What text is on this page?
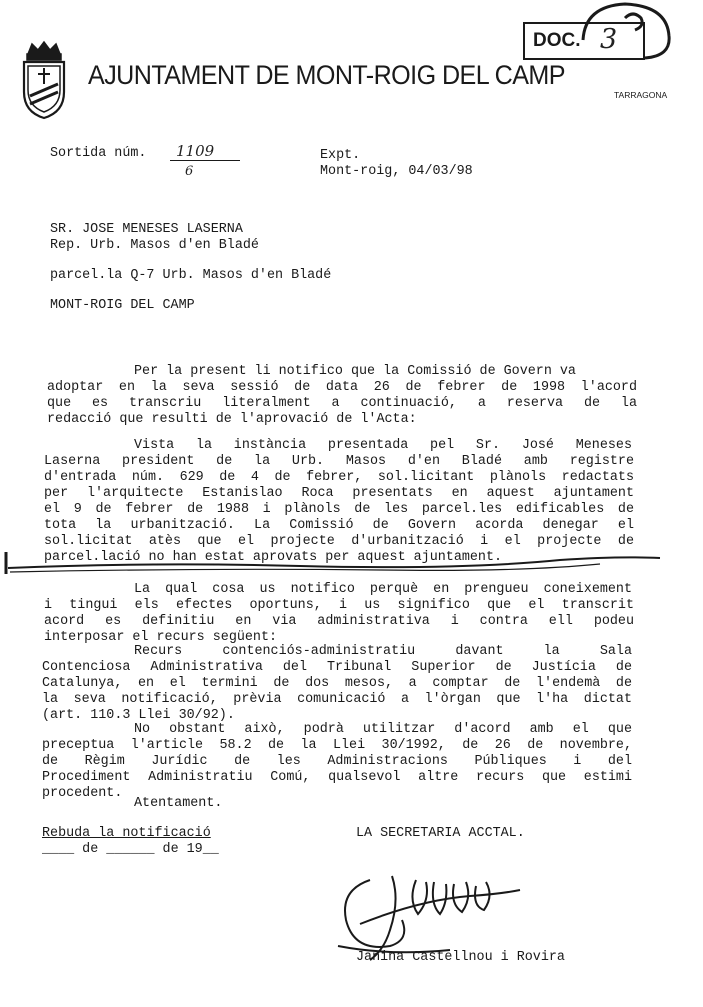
AJUNTAMENT DE MONT-ROIG DEL CAMP
TARRAGONA
DOC. 3
Sortida núm. 1109
6
Expt.
Mont-roig, 04/03/98
SR. JOSE MENESES LASERNA
Rep. Urb. Masos d'en Bladé
parcel.la Q-7 Urb. Masos d'en Bladé
MONT-ROIG DEL CAMP
Per la present li notifico que la Comissió de Govern va
adoptar en la seva sessió de data 26 de febrer de 1998 l'acord
que es transcriu literalment a continuació, a reserva de la
redacció que resulti de l'aprovació de l'Acta:
Vista la instància presentada pel Sr. José Meneses
Laserna president de la Urb. Masos d'en Bladé amb registre
d'entrada núm. 629 de 4 de febrer, sol.licitant plànols redactats
per l'arquitecte Estanislao Roca presentats en aquest ajuntament
el 9 de febrer de 1988 i plànols de les parcel.les edificables de
tota la urbanització. La Comissió de Govern acorda denegar el
sol.licitat atès que el projecte d'urbanització i el projecte de
parcel.lació no han estat aprovats per aquest ajuntament.
La qual cosa us notifico perquè en prengueu coneixement
i tingui els efectes oportuns, i us significo que el transcrit
acord es definitiu en via administrativa i contra ell podeu
interposar el recurs següent:
Recurs contenciós-administratiu davant la Sala
Contenciosa Administrativa del Tribunal Superior de Justícia de
Catalunya, en el termini de dos mesos, a comptar de l'endemà de
la seva notificació, prèvia comunicació a l'òrgan que l'ha dictat
(art. 110.3 Llei 30/92).
No obstant això, podrà utilitzar d'acord amb el que
preceptua l'article 58.2 de la Llei 30/1992, de 26 de novembre,
de Règim Jurídic de les Administracions Públiques i del
Procediment Administratiu Comú, qualsevol altre recurs que estimi
procedent.
Atentament.
Rebuda la notificació
____ de ______ de 19__
LA SECRETARIA ACCTAL.
Janina Castellnou i Rovira
